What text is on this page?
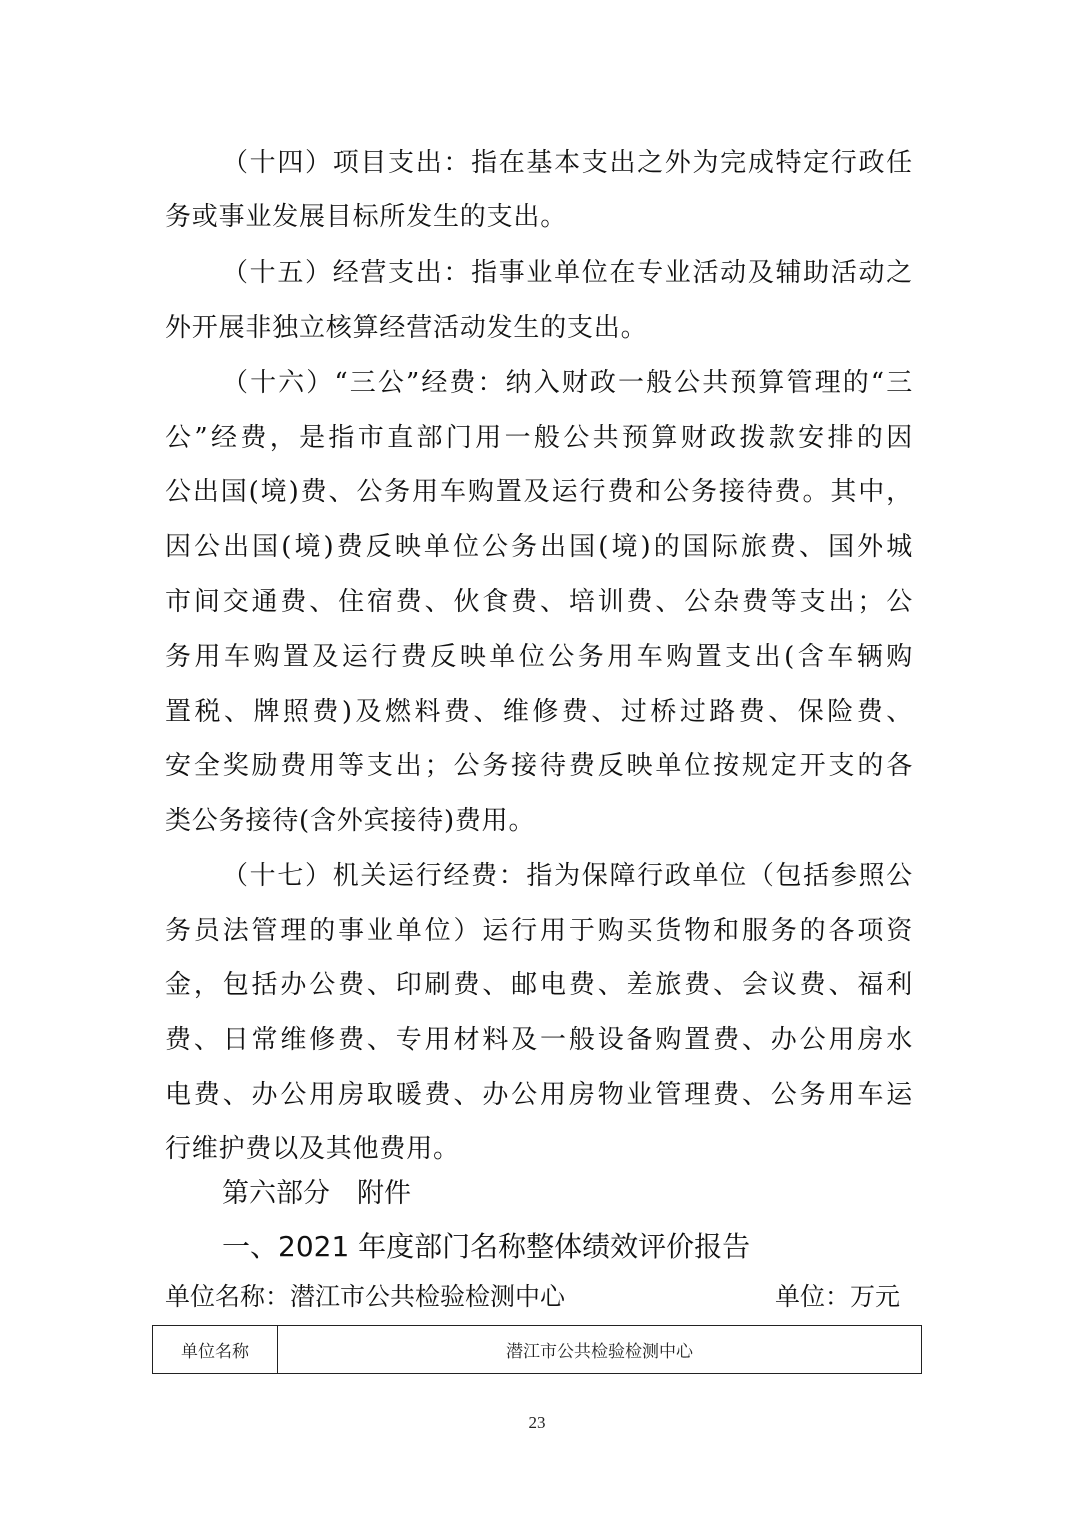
（十四）项目支出：指在基本支出之外为完成特定行政任
务或事业发展目标所发生的支出。
（十五）经营支出：指事业单位在专业活动及辅助活动之
外开展非独立核算经营活动发生的支出。
（十六）“三公”经费：纳入财政一般公共预算管理的“三
公”经费，是指市直部门用一般公共预算财政拨款安排的因
公出国(境)费、公务用车购置及运行费和公务接待费。其中，
因公出国(境)费反映单位公务出国(境)的国际旅费、国外城
市间交通费、住宿费、伙食费、培训费、公杂费等支出；公
务用车购置及运行费反映单位公务用车购置支出(含车辆购
置税、牌照费)及燃料费、维修费、过桥过路费、保险费、
安全奖励费用等支出；公务接待费反映单位按规定开支的各
类公务接待(含外宾接待)费用。
（十七）机关运行经费：指为保障行政单位（包括参照公
务员法管理的事业单位）运行用于购买货物和服务的各项资
金，包括办公费、印刷费、邮电费、差旅费、会议费、福利
费、日常维修费、专用材料及一般设备购置费、办公用房水
电费、办公用房取暖费、办公用房物业管理费、公务用车运
行维护费以及其他费用。
第六部分　附件
一、2021 年度部门名称整体绩效评价报告
单位名称：潜江市公共检验检测中心	单位：万元
单位名称	潜江市公共检验检测中心
23
